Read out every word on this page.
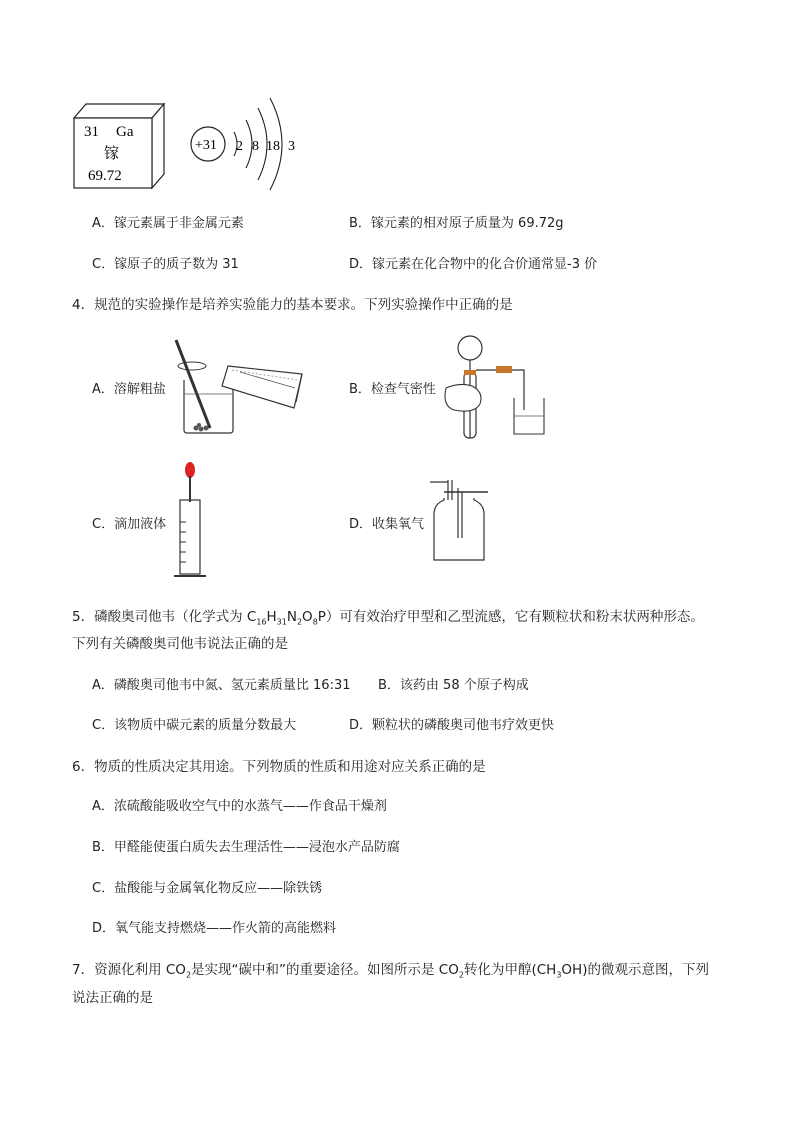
31 Ga
镓
69.72
+31 2 8 18 3
A．镓元素属于非金属元素	B．镓元素的相对原子质量为 69.72g
C．镓原子的质子数为 31	D．镓元素在化合物中的化合价通常显-3 价
4．规范的实验操作是培养实验能力的基本要求。下列实验操作中正确的是
A．溶解粗盐	B．检查气密性
C．滴加液体	D．收集氧气
5．磷酸奥司他韦（化学式为 $C_{16}H_{31}N_2O_8P$）可有效治疗甲型和乙型流感，它有颗粒状和粉末状两种形态。
下列有关磷酸奥司他韦说法正确的是
A．磷酸奥司他韦中氮、氢元素质量比 16:31 B．该药由 58 个原子构成
C．该物质中碳元素的质量分数最大	D．颗粒状的磷酸奥司他韦疗效更快
6．物质的性质决定其用途。下列物质的性质和用途对应关系正确的是
A．浓硫酸能吸收空气中的水蒸气——作食品干燥剂
B．甲醛能使蛋白质失去生理活性——浸泡水产品防腐
C．盐酸能与金属氧化物反应——除铁锈
D．氧气能支持燃烧——作火箭的高能燃料
7．资源化利用 $CO_2$是实现“碳中和”的重要途径。如图所示是 $CO_2$转化为甲醇$(CH_3OH)$的微观示意图，下列
说法正确的是
